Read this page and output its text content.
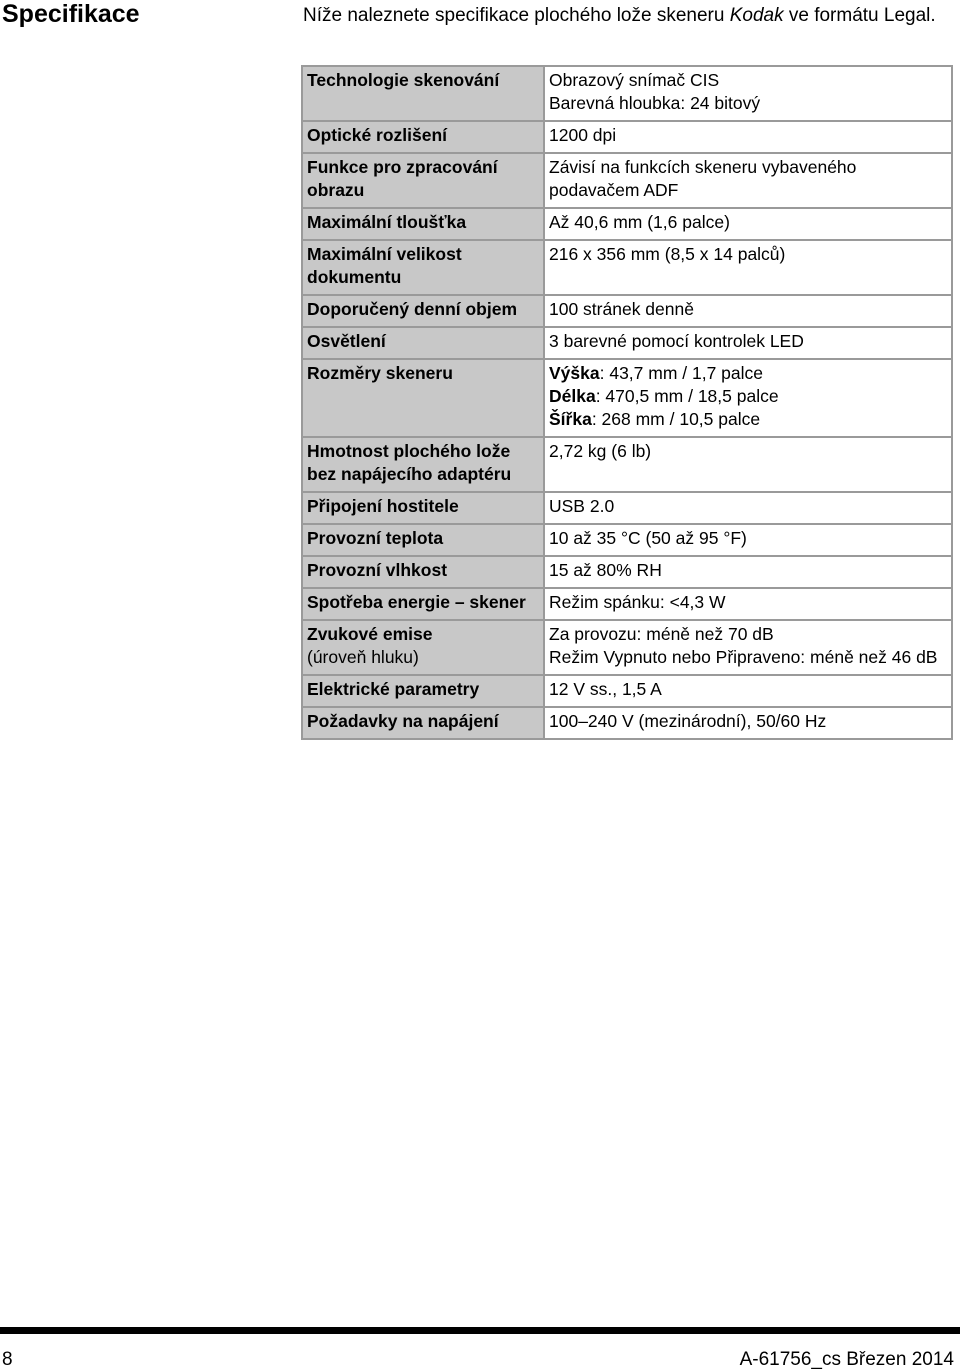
Specifikace	Níže naleznete specifikace plochého lože skeneru Kodak ve formátu Legal.

Technologie skenování	Obrazový snímač CIS
Barevná hloubka: 24 bitový

Optické rozlišení	1200 dpi

Funkce pro zpracování
obrazu	Závisí na funkcích skeneru vybaveného
podavačem ADF

Maximální tloušťka	Až 40,6 mm (1,6 palce)

Maximální velikost
dokumentu	216 x 356 mm (8,5 x 14 palců)
Doporučený denní objem	100 stránek denně
Osvětlení	3 barevné pomocí kontrolek LED
Rozměry skeneru	Výška: 43,7 mm / 1,7 palce
Délka: 470,5 mm / 18,5 palce
Šířka: 268 mm / 10,5 palce

Hmotnost plochého lože
bez napájecího adaptéru	2,72 kg (6 lb)
Připojení hostitele	USB 2.0
Provozní teplota	10 až 35 °C (50 až 95 °F)
Provozní vlhkost	15 až 80% RH
Spotřeba energie – skener	Režim spánku: <4,3 W

Zvukové emise
(úroveň hluku)	Za provozu: méně než 70 dB
Režim Vypnuto nebo Připraveno: méně než 46 dB

Elektrické parametry	12 V ss., 1,5 A
Požadavky na napájení	100–240 V (mezinárodní), 50/60 Hz
8	A-61756_cs Březen 2014
